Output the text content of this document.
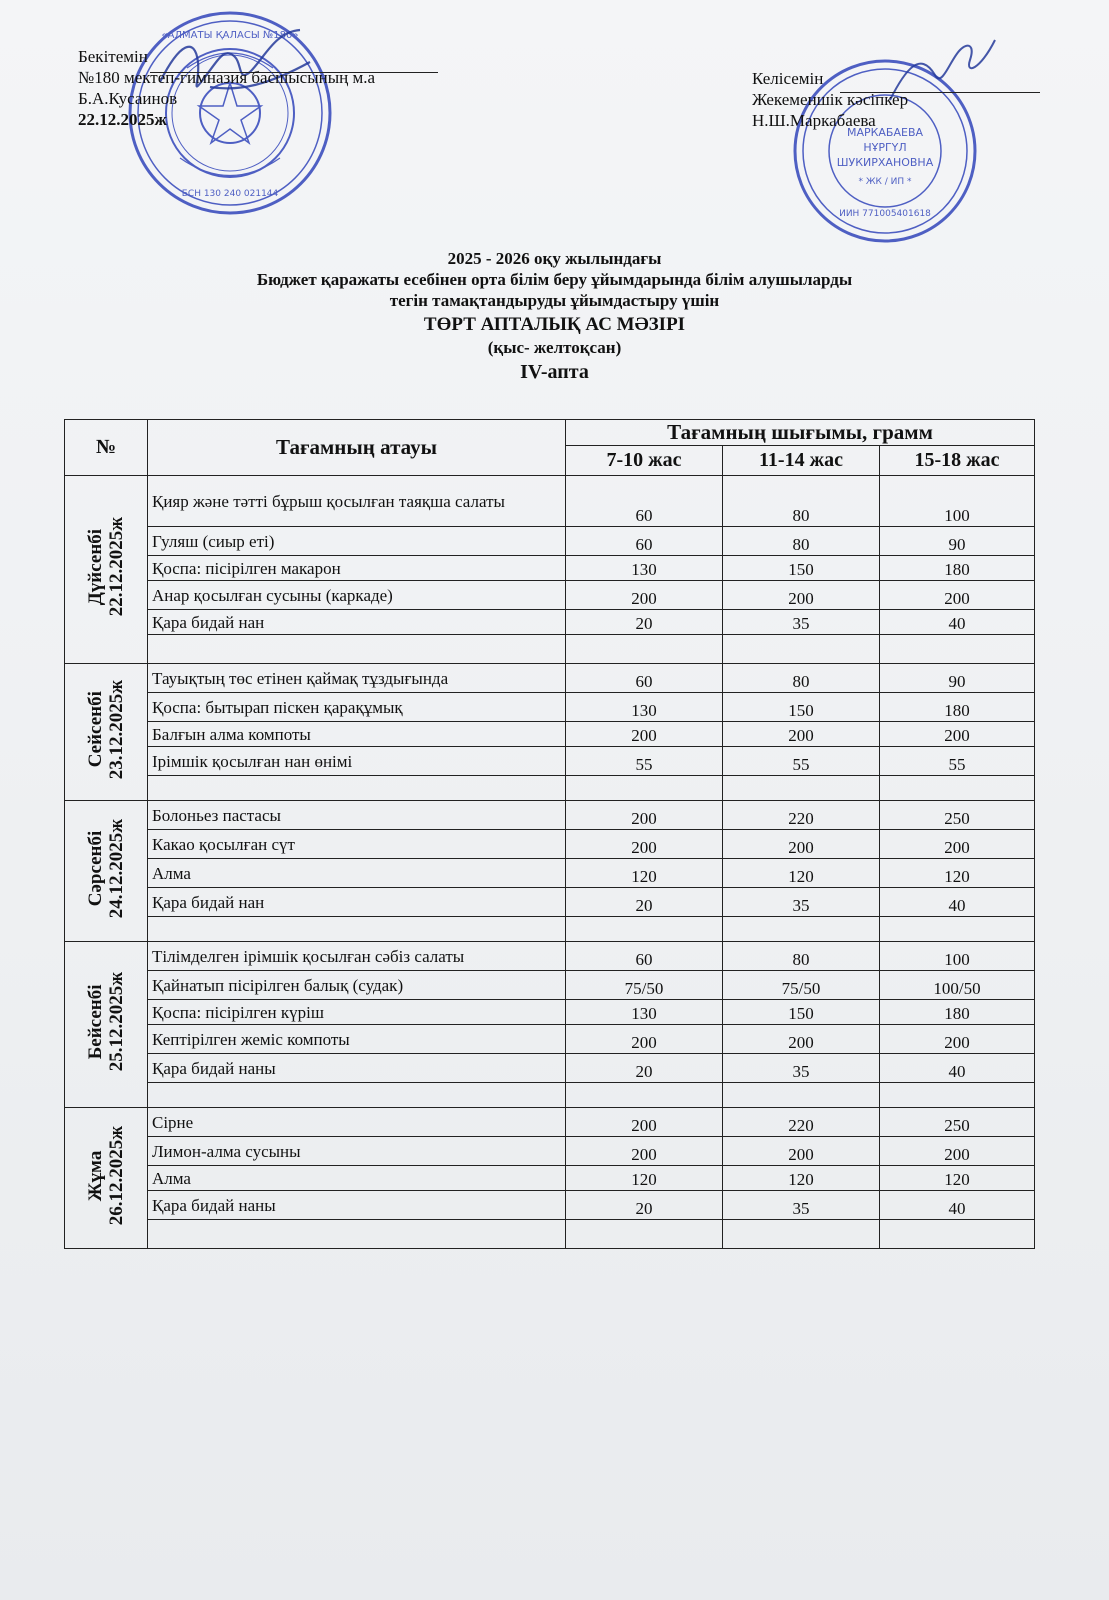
«АЛМАТЫ ҚАЛАСЫ №180»
БСН 130 240 021144
МАРКАБАЕВА
НҰРГҮЛ
ШУКИРХАНОВНА
* ЖК / ИП *
ИИН 771005401618
Бекітемін
№180 мектеп-гимназия басшысының м.а
Б.А.Кусаинов
22.12.2025ж
Келісемін
Жекеменшік кәсіпкер
Н.Ш.Маркабаева
2025 - 2026 оқу жылындағы
Бюджет қаражаты есебінен орта білім беру ұйымдарында білім алушыларды
тегін тамақтандыруды ұйымдастыру үшін
ТӨРТ АПТАЛЫҚ АС МӘЗІРІ
(қыс- желтоқсан)
IV-апта
№	Тағамның атауы	Тағамның шығымы, грамм		
		7-10 жас	11-14 жас	15-18 жас

Дүйсенбі 22.12.2025ж	Қияр және тәтті бұрыш қосылған таяқша салаты	60	80	100
	Гуляш (сиыр еті)	60	80	90
	Қоспа: пісірілген макарон	130	150	180
	Анар қосылған сусыны (каркаде)	200	200	200
	Қара бидай нан	20	35	40

Сейсенбі 23.12.2025ж	Тауықтың төс етінен қаймақ тұздығында	60	80	90
	Қоспа: бытырап піскен қарақұмық	130	150	180
	Балғын алма компоты	200	200	200
	Ірімшік қосылған нан өнімі	55	55	55

Сәрсенбі 24.12.2025ж	Болоньез пастасы	200	220	250
	Какао қосылған сүт	200	200	200
	Алма	120	120	120
	Қара бидай нан	20	35	40

Бейсенбі 25.12.2025ж	Тілімделген ірімшік қосылған сәбіз салаты	60	80	100
	Қайнатып пісірілген балық (судак)	75/50	75/50	100/50
	Қоспа: пісірілген күріш	130	150	180
	Кептірілген жеміс компоты	200	200	200
	Қара бидай наны	20	35	40

Жұма 26.12.2025ж	Сірне	200	220	250
	Лимон-алма сусыны	200	200	200
	Алма	120	120	120
	Қара бидай наны	20	35	40
